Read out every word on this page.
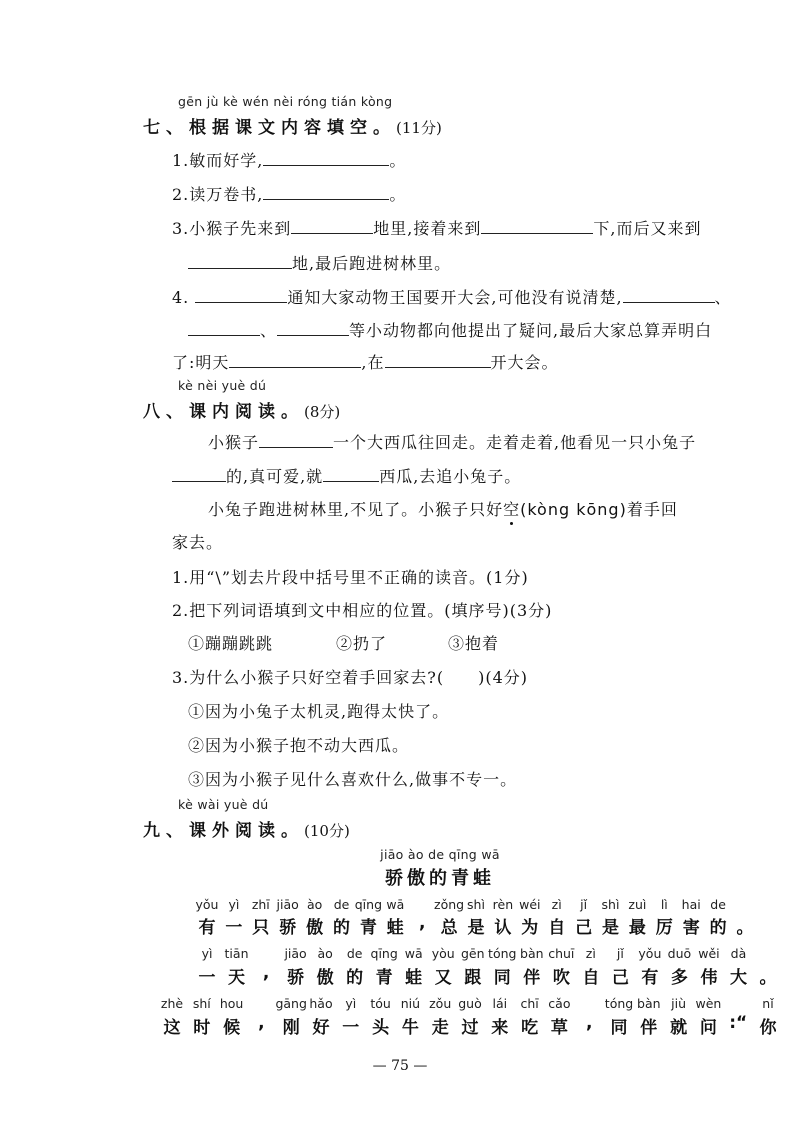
gēn jù kè wén nèi róng tián kòng
七、根据课文内容填空。(11分)
1.敏而好学,	。
2.读万卷书,	。
3.小猴子先来到	地里,接着来到	下,而后又来到
地,最后跑进树林里。
4.	通知大家动物王国要开大会,可他没有说清楚,	、
、	等小动物都向他提出了疑问,最后大家总算弄明白
了:明天	,在	开大会。
kè nèi yuè dú
八、课内阅读。(8分)
小猴子	一个大西瓜往回走。走着走着,他看见一只小兔子
的,真可爱,就	西瓜,去追小兔子。
小兔子跑进树林里,不见了。小猴子只好空(kòng kōng)着手回
家去。
1.用“\”划去片段中括号里不正确的读音。(1分)
2.把下列词语填到文中相应的位置。(填序号)(3分)
①蹦蹦跳跳	②扔了	③抱着
3.为什么小猴子只好空着手回家去?( )(4分)
①因为小兔子太机灵,跑得太快了。
②因为小猴子抱不动大西瓜。
③因为小猴子见什么喜欢什么,做事不专一。
kè wài yuè dú
九、课外阅读。(10分)
jiāo ào de qīng wā
骄傲的青蛙
yǒu
有
yì
一
zhī
只
jiāo
骄
ào
傲
de
的
qīng
青
wā
蛙 ,
zǒng
总
shì
是
rèn
认
wéi
为
zì
自
jǐ
己
shì
是
zuì
最
lì
厉
hai
害
de
的 。
yì
一
tiān
天	,
jiāo
骄
ào
傲
de
的
qīng
青
wā
蛙
yòu
又
gēn
跟
tóng
同
bàn
伴
chuī
吹
zì
自
jǐ
己
yǒu
有
duō
多
wěi
伟
dà
大 。
zhè
这
shí
时
hou
候	,
gāng
刚
hǎo
好
yì
一
tóu
头
niú
牛
zǒu
走
guò
过
lái
来
chī
吃
cǎo
草	,
tóng
同
bàn
伴
jiù
就
wèn
问 :“
nǐ
你
— 75 —
